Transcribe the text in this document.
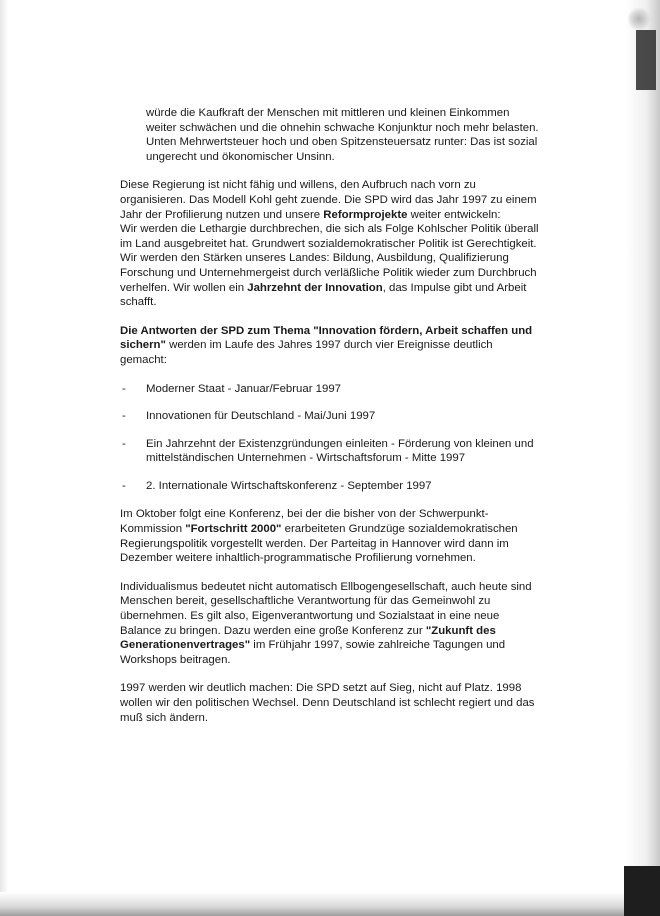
würde die Kaufkraft der Menschen mit mittleren und kleinen Einkommen weiter schwächen und die ohnehin schwache Konjunktur noch mehr belasten. Unten Mehrwertsteuer hoch und oben Spitzensteuersatz runter: Das ist sozial ungerecht und ökonomischer Unsinn.

Diese Regierung ist nicht fähig und willens, den Aufbruch nach vorn zu organisieren. Das Modell Kohl geht zuende. Die SPD wird das Jahr 1997 zu einem Jahr der Profilierung nutzen und unsere Reformprojekte weiter entwickeln:
Wir werden die Lethargie durchbrechen, die sich als Folge Kohlscher Politik überall im Land ausgebreitet hat. Grundwert sozialdemokratischer Politik ist Gerechtigkeit. Wir werden den Stärken unseres Landes: Bildung, Ausbildung, Qualifizierung Forschung und Unternehmergeist durch verläßliche Politik wieder zum Durchbruch verhelfen. Wir wollen ein Jahrzehnt der Innovation, das Impulse gibt und Arbeit schafft.

Die Antworten der SPD zum Thema "Innovation fördern, Arbeit schaffen und sichern" werden im Laufe des Jahres 1997 durch vier Ereignisse deutlich gemacht:

- Moderner Staat - Januar/Februar 1997
- Innovationen für Deutschland - Mai/Juni 1997
- Ein Jahrzehnt der Existenzgründungen einleiten - Förderung von kleinen und mittelständischen Unternehmen - Wirtschaftsforum - Mitte 1997
- 2. Internationale Wirtschaftskonferenz - September 1997

Im Oktober folgt eine Konferenz, bei der die bisher von der Schwerpunkt- Kommission "Fortschritt 2000" erarbeiteten Grundzüge sozialdemokratischen Regierungspolitik vorgestellt werden. Der Parteitag in Hannover wird dann im Dezember weitere inhaltlich-programmatische Profilierung vornehmen.

Individualismus bedeutet nicht automatisch Ellbogengesellschaft, auch heute sind Menschen bereit, gesellschaftliche Verantwortung für das Gemeinwohl zu übernehmen. Es gilt also, Eigenverantwortung und Sozialstaat in eine neue Balance zu bringen. Dazu werden eine große Konferenz zur "Zukunft des Generationenvertrages" im Frühjahr 1997, sowie zahlreiche Tagungen und Workshops beitragen.

1997 werden wir deutlich machen: Die SPD setzt auf Sieg, nicht auf Platz. 1998 wollen wir den politischen Wechsel. Denn Deutschland ist schlecht regiert und das muß sich ändern.
